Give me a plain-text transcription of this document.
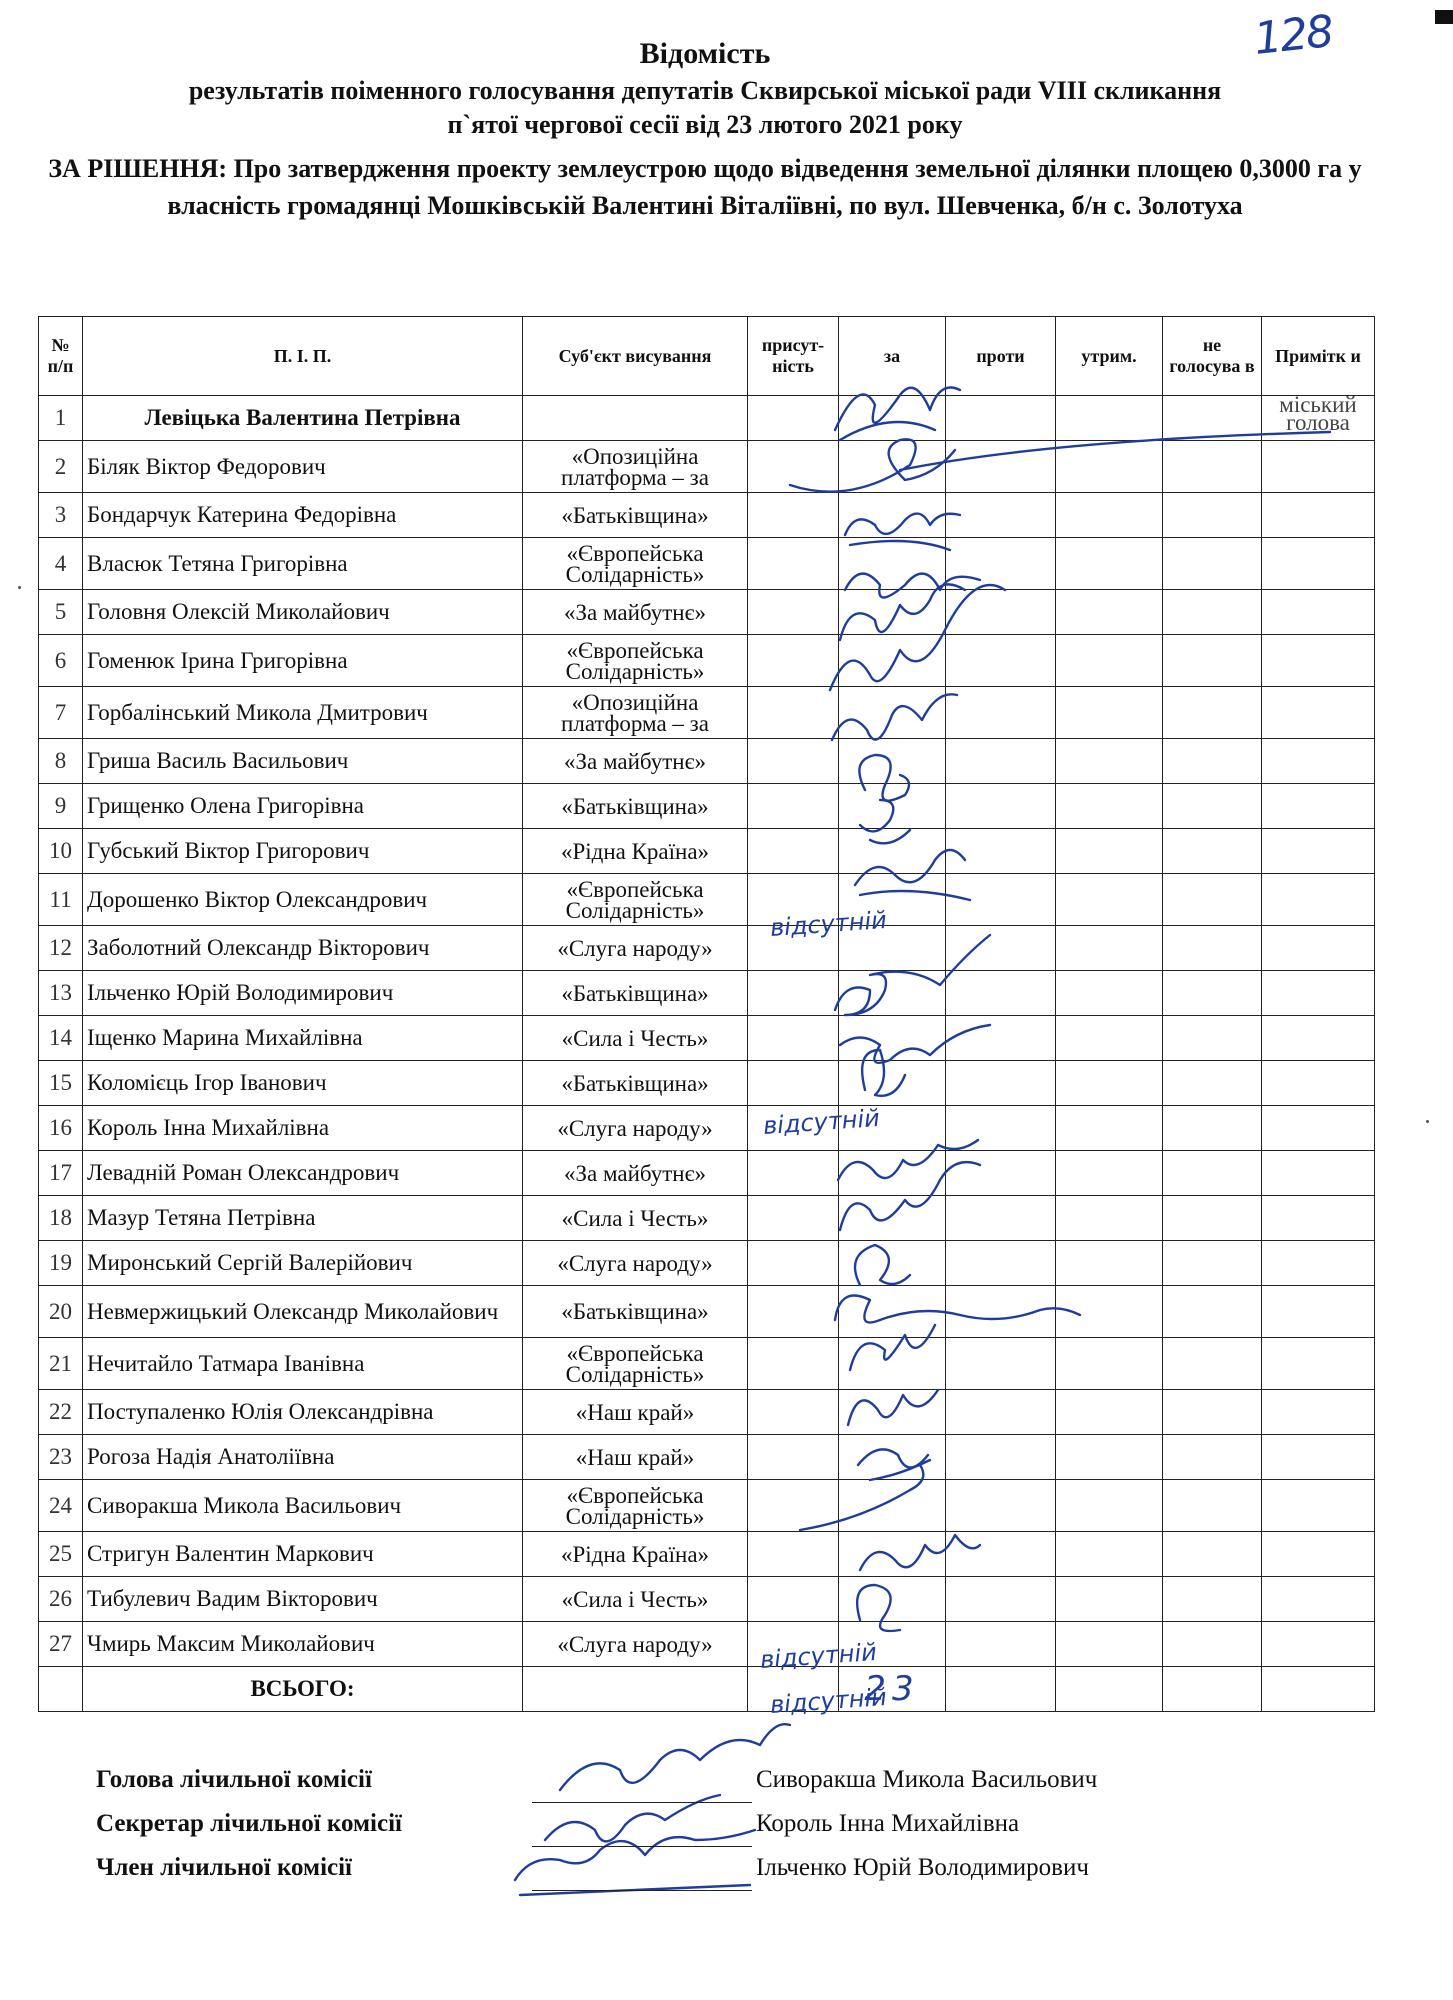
128
Відомість
результатів поіменного голосування депутатів Сквирської міської ради VIII скликання
п`ятої чергової сесії від 23 лютого 2021 року
ЗА РІШЕННЯ: Про затвердження проекту землеустрою щодо відведення земельної ділянки площею 0,3000 га у власність громадянці Мошківській Валентині Віталіївні, по вул. Шевченка, б/н с. Золотуха
№ п/п	П. І. П.	Суб'єкт висування	присут-ність	за	проти	утрим.	не голосува в	Примітк и
1	Левіцька Валентина Петрівна							міський голова
2	Біляк Віктор Федорович	«Опозиційна платформа – за						
3	Бондарчук Катерина Федорівна	«Батьківщина»						
4	Власюк Тетяна Григорівна	«Європейська Солідарність»						
5	Головня Олексій Миколайович	«За майбутнє»						
6	Гоменюк Ірина Григорівна	«Європейська Солідарність»						
7	Горбалінський Микола Дмитрович	«Опозиційна платформа – за						
8	Гриша Василь Васильович	«За майбутнє»						
9	Грищенко Олена Григорівна	«Батьківщина»						
10	Губський Віктор Григорович	«Рідна Країна»						
11	Дорошенко Віктор Олександрович	«Європейська Солідарність»						
12	Заболотний Олександр Вікторович	«Слуга народу»						
13	Ільченко Юрій Володимирович	«Батьківщина»						
14	Іщенко Марина Михайлівна	«Сила і Честь»						
15	Коломієць Ігор Іванович	«Батьківщина»						
16	Король Інна Михайлівна	«Слуга народу»						
17	Левадній Роман Олександрович	«За майбутнє»						
18	Мазур Тетяна Петрівна	«Сила і Честь»						
19	Миронський Сергій Валерійович	«Слуга народу»						
20	Невмержицький Олександр Миколайович	«Батьківщина»						
21	Нечитайло Татмара Іванівна	«Європейська Солідарність»						
22	Поступаленко Юлія Олександрівна	«Наш край»						
23	Рогоза Надія Анатоліївна	«Наш край»						
24	Сиворакша Микола Васильович	«Європейська Солідарність»						
25	Стригун Валентин Маркович	«Рідна Країна»						
26	Тибулевич Вадим Вікторович	«Сила і Честь»						
27	Чмирь Максим Миколайович	«Слуга народу»						
	ВСЬОГО:			23				
відсутній
відсутній
відсутній
відсутній
Голова лічильної комісії	Сиворакша Микола Васильович
Секретар лічильної комісії	Король Інна Михайлівна
Член лічильної комісії	Ільченко Юрій Володимирович
